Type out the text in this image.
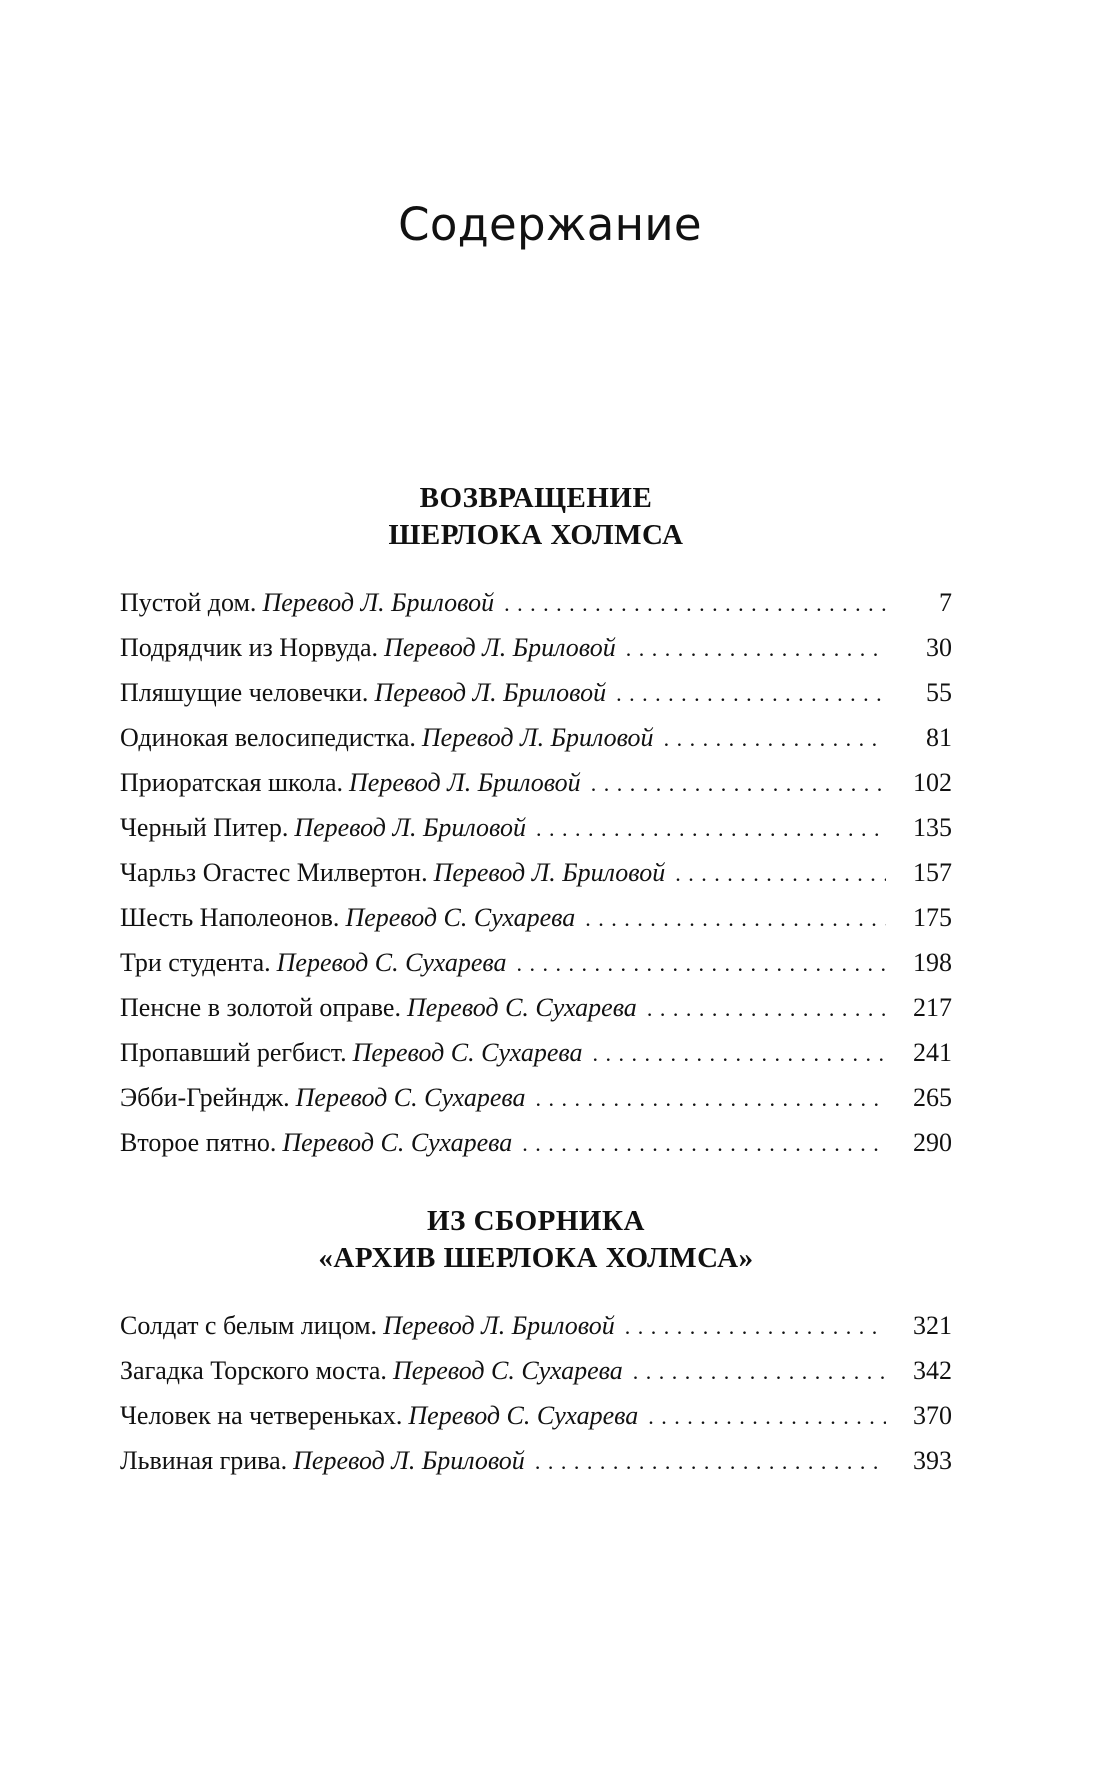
Содержание
ВОЗВРАЩЕНИЕ
ШЕРЛОКА ХОЛМСА
Пустой дом. Перевод Л. Бриловой . . .	7
Подрядчик из Норвуда. Перевод Л. Бриловой . . .	30
Пляшущие человечки. Перевод Л. Бриловой . . .	55
Одинокая велосипедистка. Перевод Л. Бриловой . . .	81
Приоратская школа. Перевод Л. Бриловой . . .	102
Черный Питер. Перевод Л. Бриловой . . .	135
Чарльз Огастес Милвертон. Перевод Л. Бриловой . . .	157
Шесть Наполеонов. Перевод С. Сухарева . . .	175
Три студента. Перевод С. Сухарева . . .	198
Пенсне в золотой оправе. Перевод С. Сухарева . . .	217
Пропавший регбист. Перевод С. Сухарева . . .	241
Эбби-Грейндж. Перевод С. Сухарева . . .	265
Второе пятно. Перевод С. Сухарева . . .	290
ИЗ СБОРНИКА
«АРХИВ ШЕРЛОКА ХОЛМСА»
Солдат с белым лицом. Перевод Л. Бриловой . . .	321
Загадка Торского моста. Перевод С. Сухарева . . .	342
Человек на четвереньках. Перевод С. Сухарева . . .	370
Львиная грива. Перевод Л. Бриловой . . .	393
